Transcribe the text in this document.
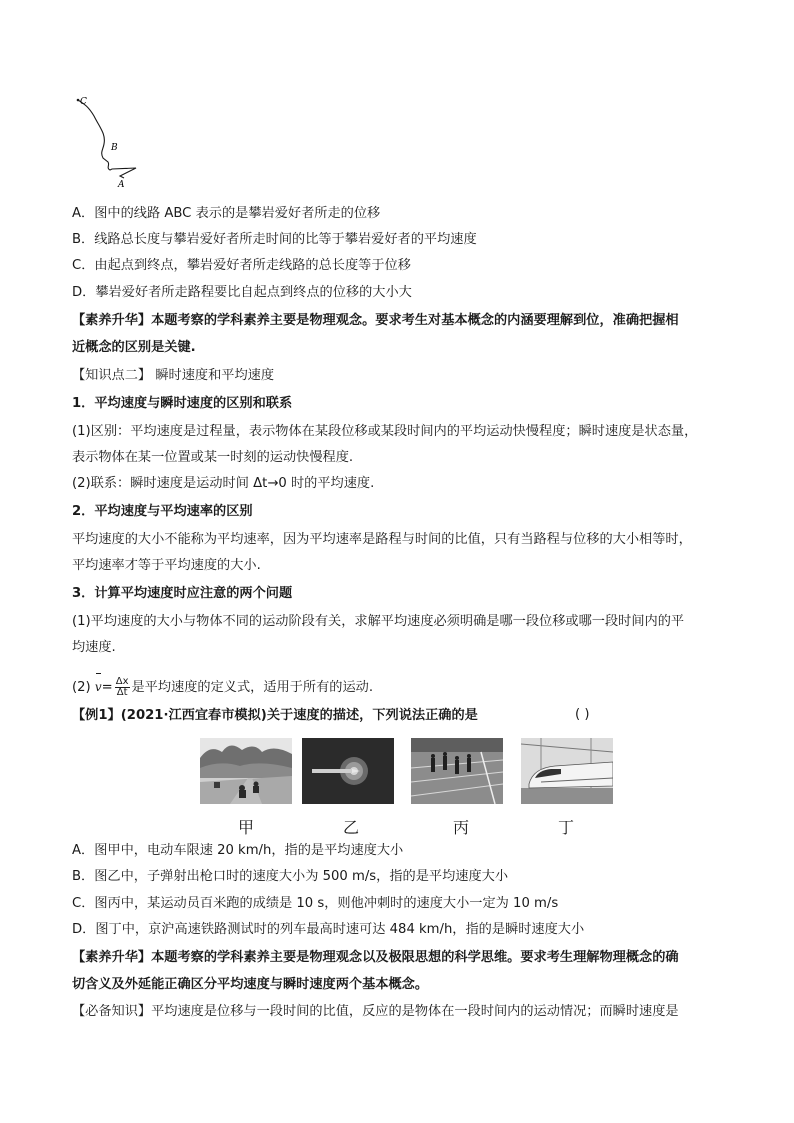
C
B
A
A．图中的线路 ABC 表示的是攀岩爱好者所走的位移
B．线路总长度与攀岩爱好者所走时间的比等于攀岩爱好者的平均速度
C．由起点到终点，攀岩爱好者所走线路的总长度等于位移
D．攀岩爱好者所走路程要比自起点到终点的位移的大小大
【素养升华】本题考察的学科素养主要是物理观念。要求考生对基本概念的内涵要理解到位，准确把握相
近概念的区别是关键.
【知识点二】 瞬时速度和平均速度
1．平均速度与瞬时速度的区别和联系
(1)区别：平均速度是过程量，表示物体在某段位移或某段时间内的平均运动快慢程度；瞬时速度是状态量，
表示物体在某一位置或某一时刻的运动快慢程度.
(2)联系：瞬时速度是运动时间 Δt→0 时的平均速度.
2．平均速度与平均速率的区别
平均速度的大小不能称为平均速率，因为平均速率是路程与时间的比值，只有当路程与位移的大小相等时，
平均速率才等于平均速度的大小.
3．计算平均速度时应注意的两个问题
(1)平均速度的大小与物体不同的运动阶段有关，求解平均速度必须明确是哪一段位移或哪一段时间内的平
均速度.
(2) $v= \frac{\Delta x}{\Delta t}$ 是平均速度的定义式，适用于所有的运动.
【例1】(2021·江西宜春市模拟)关于速度的描述，下列说法正确的是	( )
甲	乙	丙	丁
A．图甲中，电动车限速 20 km/h，指的是平均速度大小
B．图乙中，子弹射出枪口时的速度大小为 500 m/s，指的是平均速度大小
C．图丙中，某运动员百米跑的成绩是 10 s，则他冲刺时的速度大小一定为 10 m/s
D．图丁中，京沪高速铁路测试时的列车最高时速可达 484 km/h，指的是瞬时速度大小
【素养升华】本题考察的学科素养主要是物理观念以及极限思想的科学思维。要求考生理解物理概念的确
切含义及外延能正确区分平均速度与瞬时速度两个基本概念。
【必备知识】平均速度是位移与一段时间的比值，反应的是物体在一段时间内的运动情况；而瞬时速度是
